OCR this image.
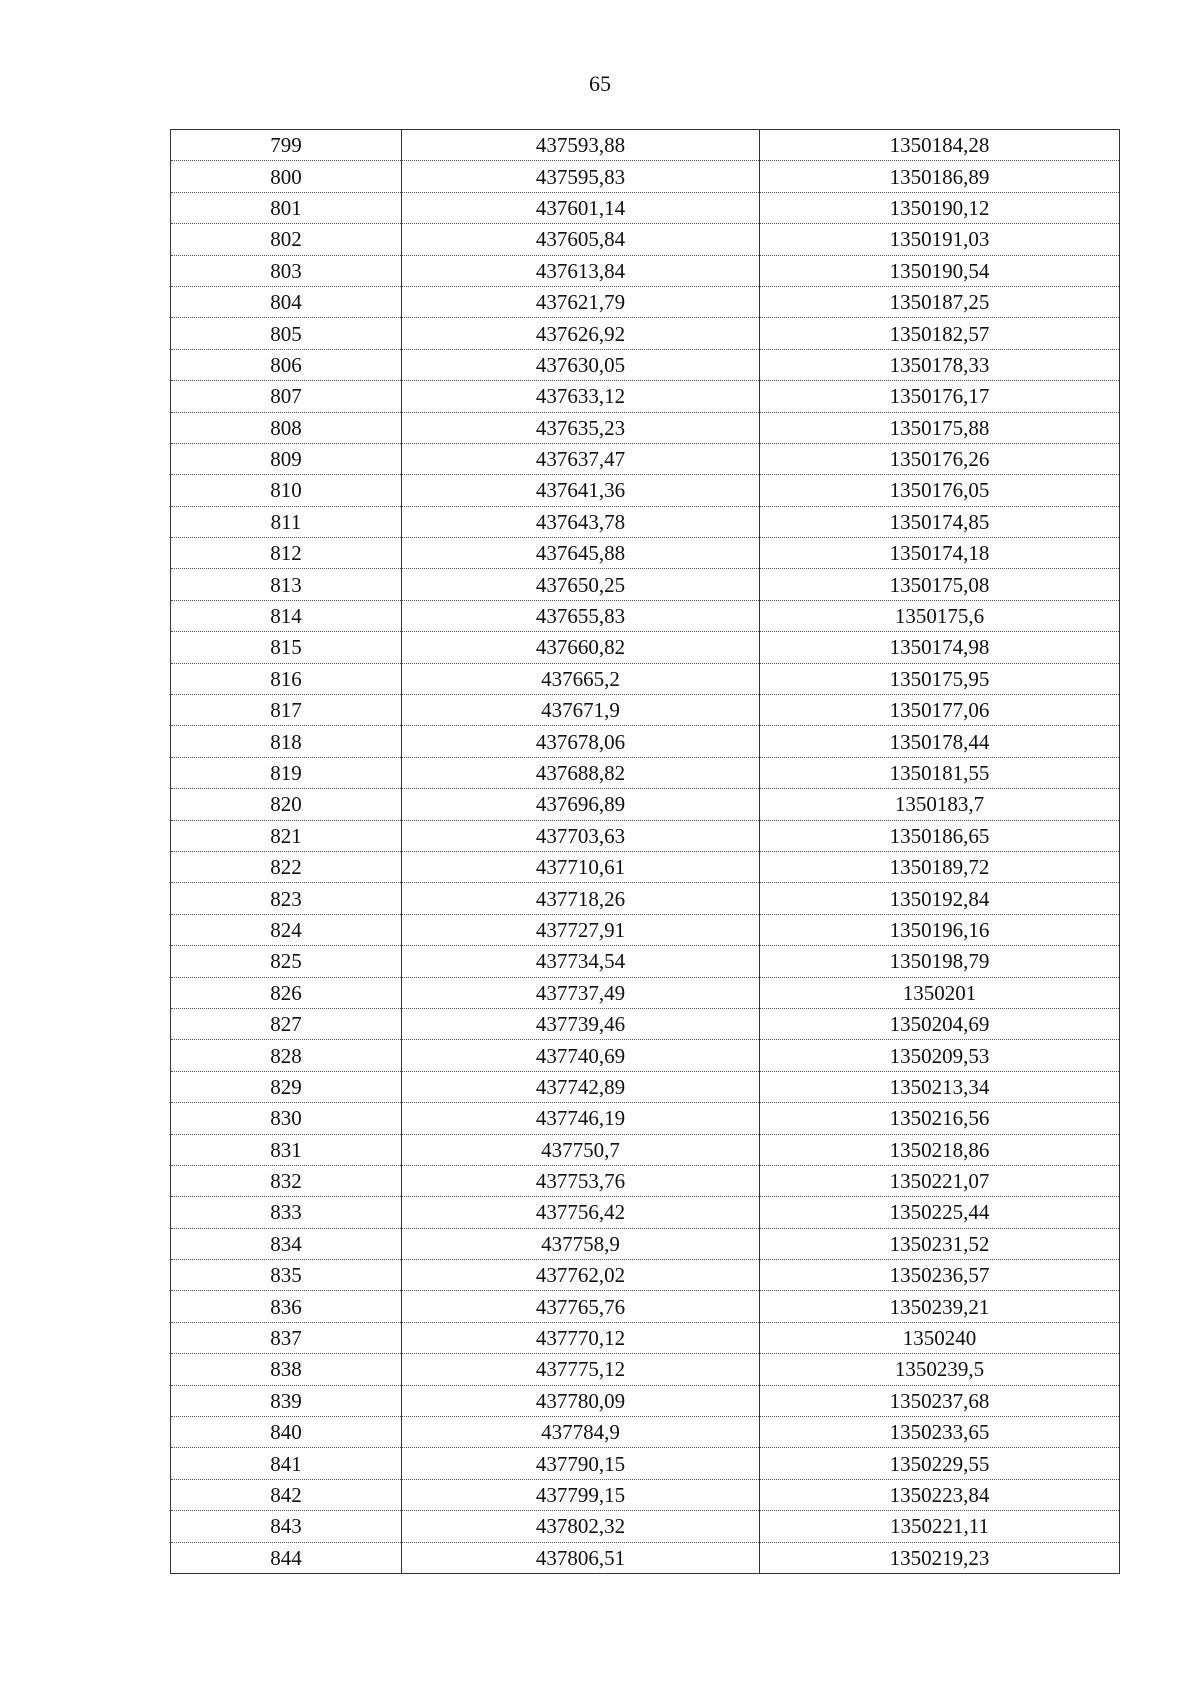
65
799	437593,88	1350184,28
800	437595,83	1350186,89
801	437601,14	1350190,12
802	437605,84	1350191,03
803	437613,84	1350190,54
804	437621,79	1350187,25
805	437626,92	1350182,57
806	437630,05	1350178,33
807	437633,12	1350176,17
808	437635,23	1350175,88
809	437637,47	1350176,26
810	437641,36	1350176,05
811	437643,78	1350174,85
812	437645,88	1350174,18
813	437650,25	1350175,08
814	437655,83	1350175,6
815	437660,82	1350174,98
816	437665,2	1350175,95
817	437671,9	1350177,06
818	437678,06	1350178,44
819	437688,82	1350181,55
820	437696,89	1350183,7
821	437703,63	1350186,65
822	437710,61	1350189,72
823	437718,26	1350192,84
824	437727,91	1350196,16
825	437734,54	1350198,79
826	437737,49	1350201
827	437739,46	1350204,69
828	437740,69	1350209,53
829	437742,89	1350213,34
830	437746,19	1350216,56
831	437750,7	1350218,86
832	437753,76	1350221,07
833	437756,42	1350225,44
834	437758,9	1350231,52
835	437762,02	1350236,57
836	437765,76	1350239,21
837	437770,12	1350240
838	437775,12	1350239,5
839	437780,09	1350237,68
840	437784,9	1350233,65
841	437790,15	1350229,55
842	437799,15	1350223,84
843	437802,32	1350221,11
844	437806,51	1350219,23
